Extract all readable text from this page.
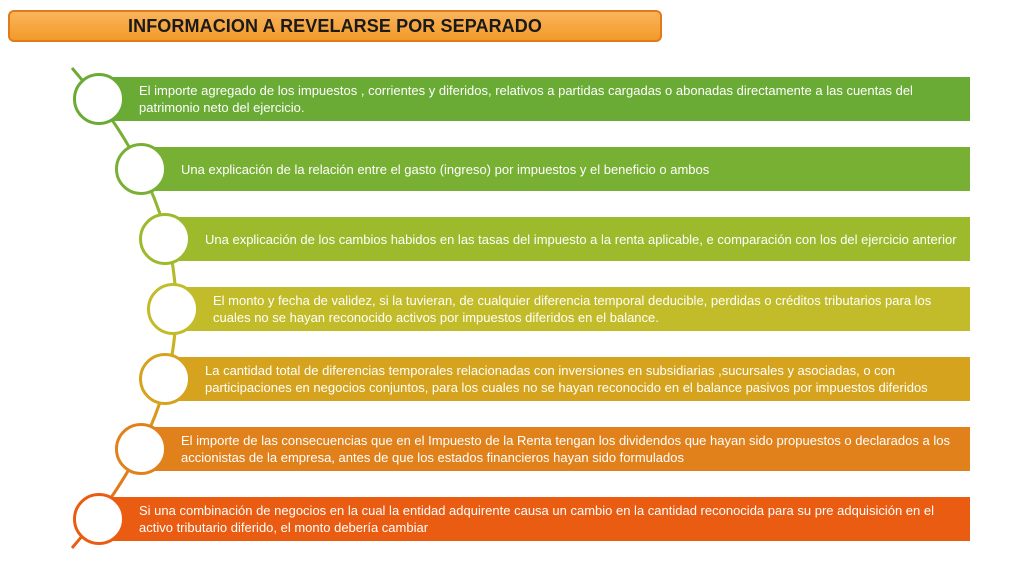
INFORMACION A REVELARSE POR SEPARADO
El importe agregado de los impuestos , corrientes y diferidos, relativos a partidas cargadas o abonadas directamente a las cuentas del patrimonio neto del ejercicio.
Una explicación de la relación entre el gasto (ingreso) por impuestos y el beneficio o ambos
Una explicación de los cambios habidos en las tasas del impuesto a la renta aplicable, e comparación con los del ejercicio anterior
El monto y fecha de validez, si la tuvieran, de cualquier diferencia temporal deducible, perdidas o créditos tributarios para los cuales no se hayan reconocido activos por impuestos diferidos en el balance.
La cantidad total de diferencias temporales relacionadas con inversiones en subsidiarias ,sucursales y asociadas, o con participaciones en negocios conjuntos, para los cuales no se hayan reconocido en el balance pasivos por impuestos diferidos
El importe de las consecuencias que en el Impuesto de la Renta tengan los dividendos que hayan sido propuestos o declarados a los accionistas de la empresa, antes de que los estados financieros hayan sido formulados
Si una combinación de negocios en la cual la entidad adquirente causa un cambio en la cantidad reconocida para su pre adquisición en el activo tributario diferido, el monto debería cambiar
